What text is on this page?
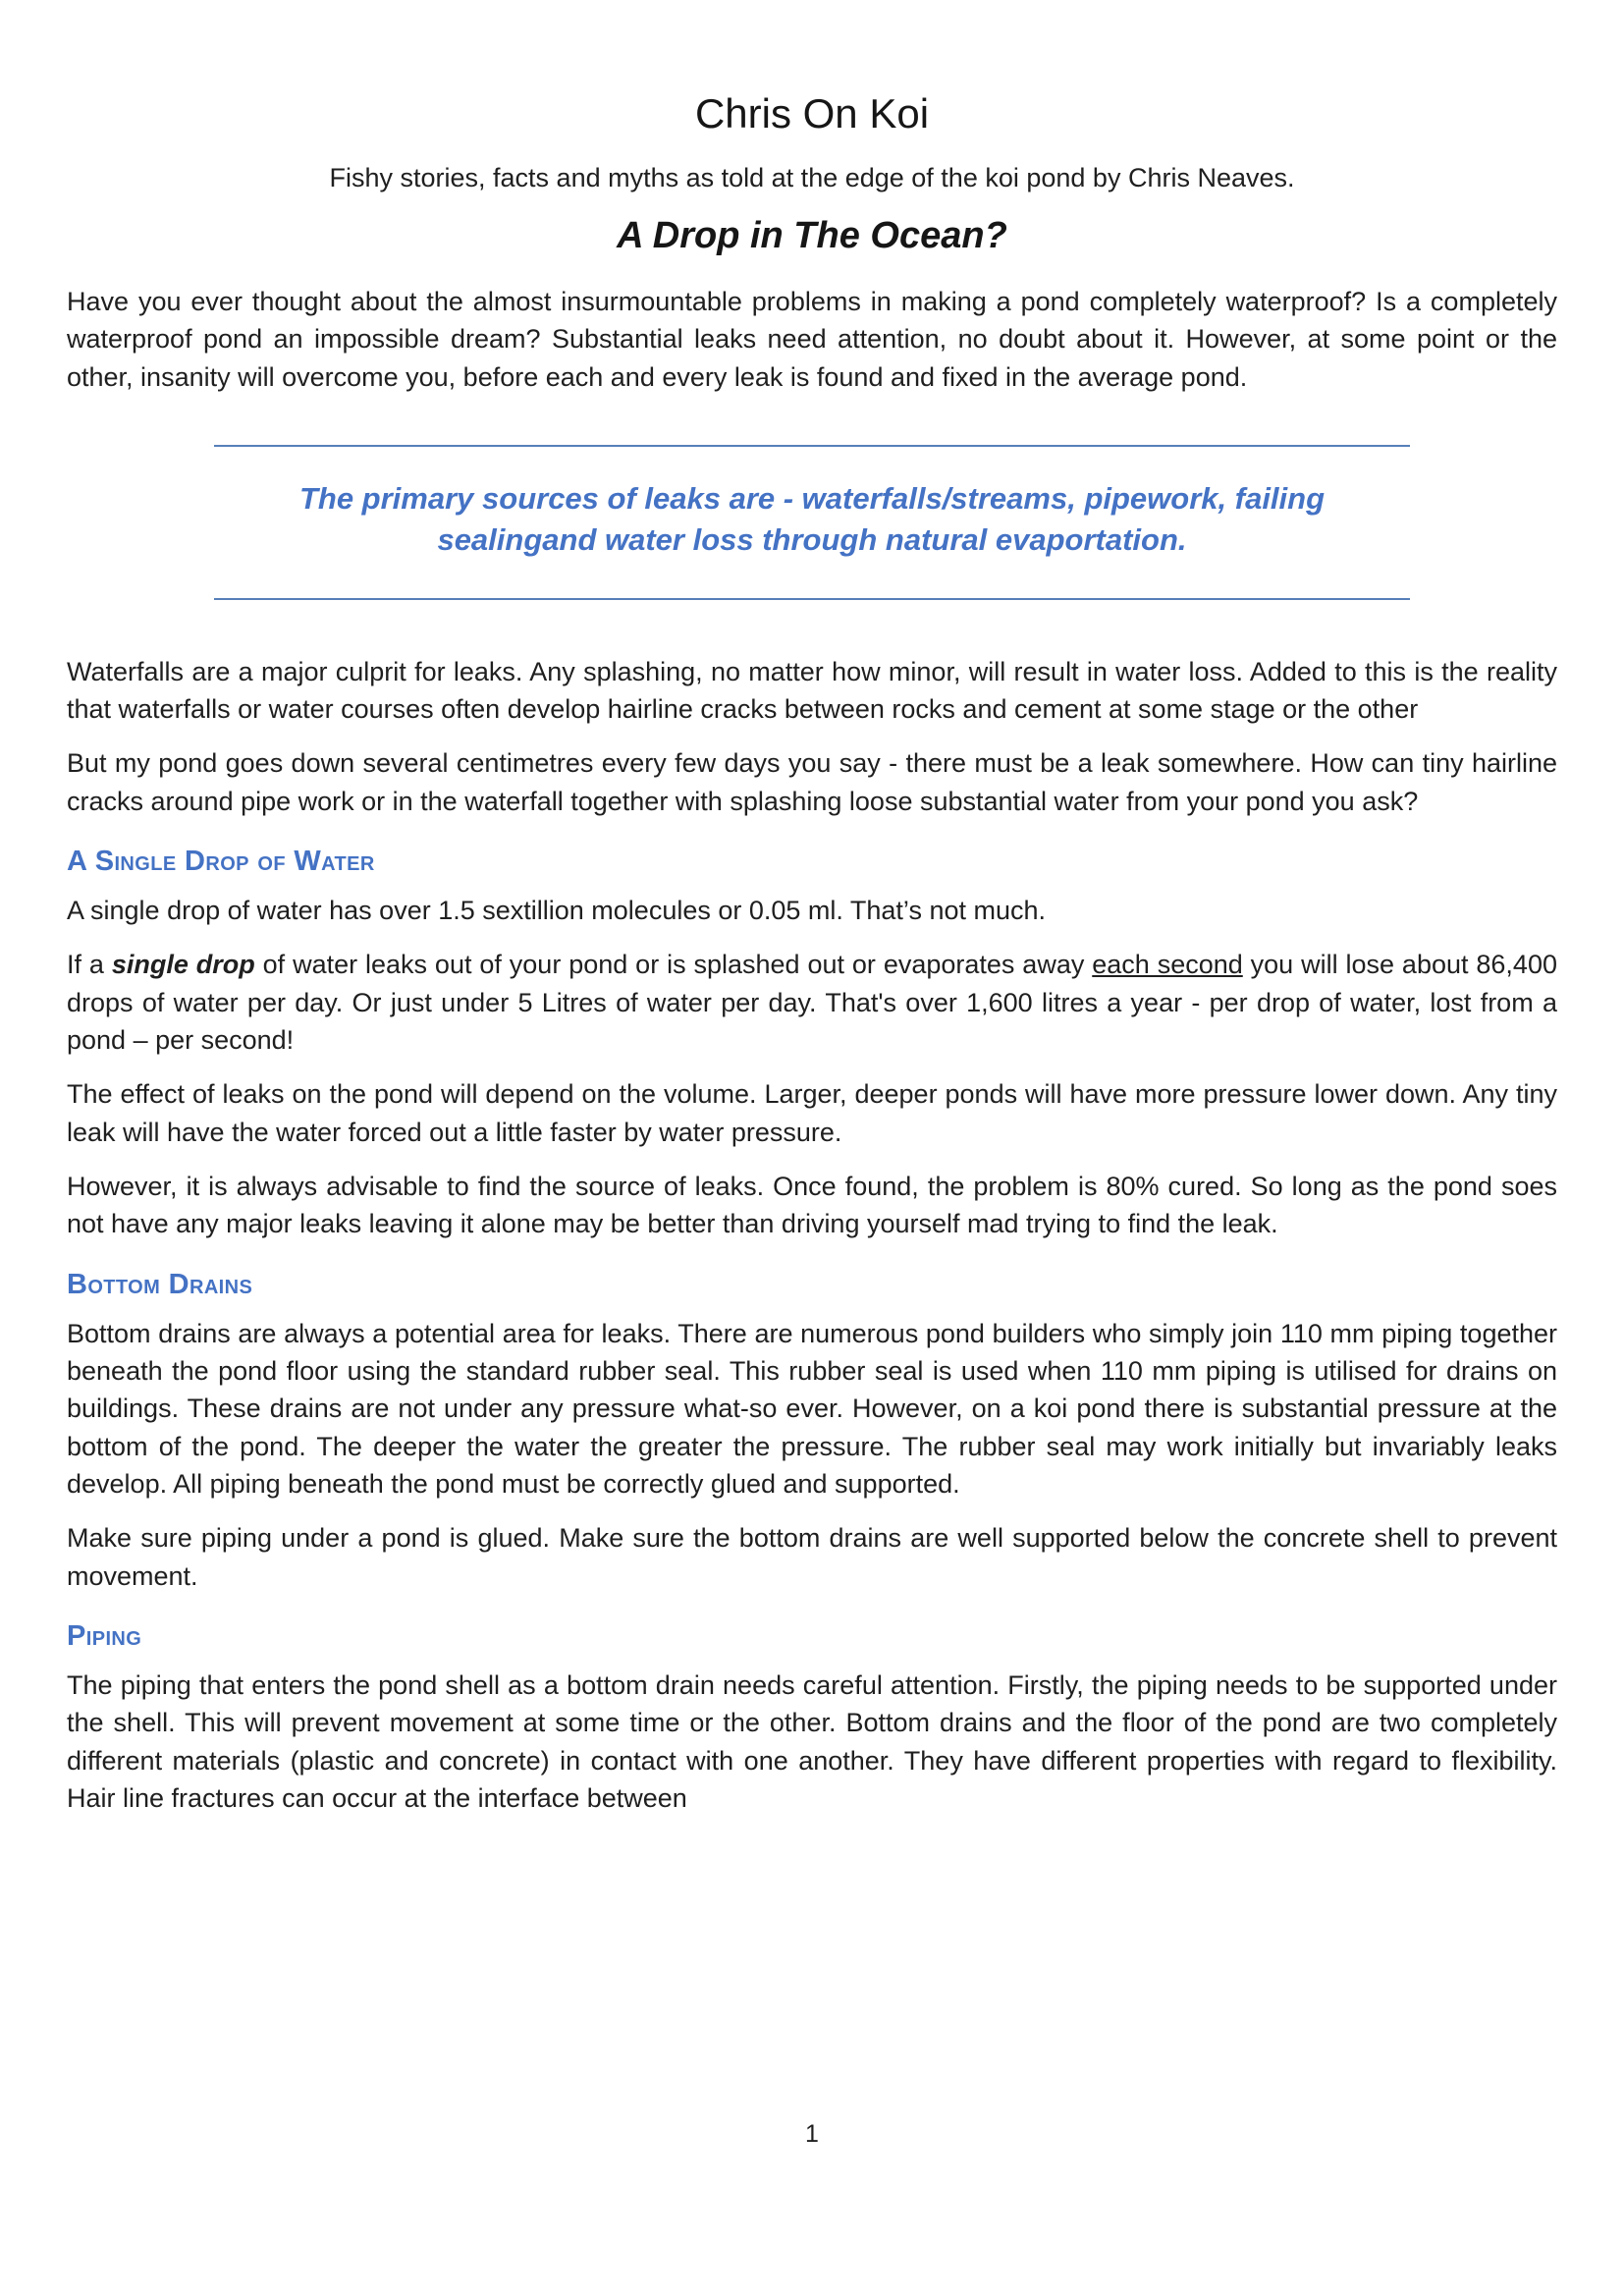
Chris On Koi

Fishy stories, facts and myths as told at the edge of the koi pond by Chris Neaves.

A Drop in The Ocean?

Have you ever thought about the almost insurmountable problems in making a pond completely waterproof? Is a completely waterproof pond an impossible dream? Substantial leaks need attention, no doubt about it. However, at some point or the other, insanity will overcome you, before each and every leak is found and fixed in the average pond.

The primary sources of leaks are - waterfalls/streams, pipework, failing
sealingand water loss through natural evaportation.

Waterfalls are a major culprit for leaks. Any splashing, no matter how minor, will result in water loss. Added to this is the reality that waterfalls or water courses often develop hairline cracks between rocks and cement at some stage or the other

But my pond goes down several centimetres every few days you say - there must be a leak somewhere. How can tiny hairline cracks around pipe work or in the waterfall together with splashing loose substantial water from your pond you ask?

A Single Drop of Water

A single drop of water has over 1.5 sextillion molecules or 0.05 ml. That’s not much.

If a single drop of water leaks out of your pond or is splashed out or evaporates away each second you will lose about 86,400 drops of water per day. Or just under 5 Litres of water per day. That's over 1,600 litres a year - per drop of water, lost from a pond – per second!

The effect of leaks on the pond will depend on the volume. Larger, deeper ponds will have more pressure lower down. Any tiny leak will have the water forced out a little faster by water pressure.

However, it is always advisable to find the source of leaks. Once found, the problem is 80% cured. So long as the pond soes not have any major leaks leaving it alone may be better than driving yourself mad trying to find the leak.

Bottom Drains

Bottom drains are always a potential area for leaks. There are numerous pond builders who simply join 110 mm piping together beneath the pond floor using the standard rubber seal. This rubber seal is used when 110 mm piping is utilised for drains on buildings. These drains are not under any pressure what-so ever. However, on a koi pond there is substantial pressure at the bottom of the pond. The deeper the water the greater the pressure. The rubber seal may work initially but invariably leaks develop. All piping beneath the pond must be correctly glued and supported.

Make sure piping under a pond is glued. Make sure the bottom drains are well supported below the concrete shell to prevent movement.

Piping

The piping that enters the pond shell as a bottom drain needs careful attention. Firstly, the piping needs to be supported under the shell. This will prevent movement at some time or the other. Bottom drains and the floor of the pond are two completely different materials (plastic and concrete) in contact with one another. They have different properties with regard to flexibility. Hair line fractures can occur at the interface between

1
